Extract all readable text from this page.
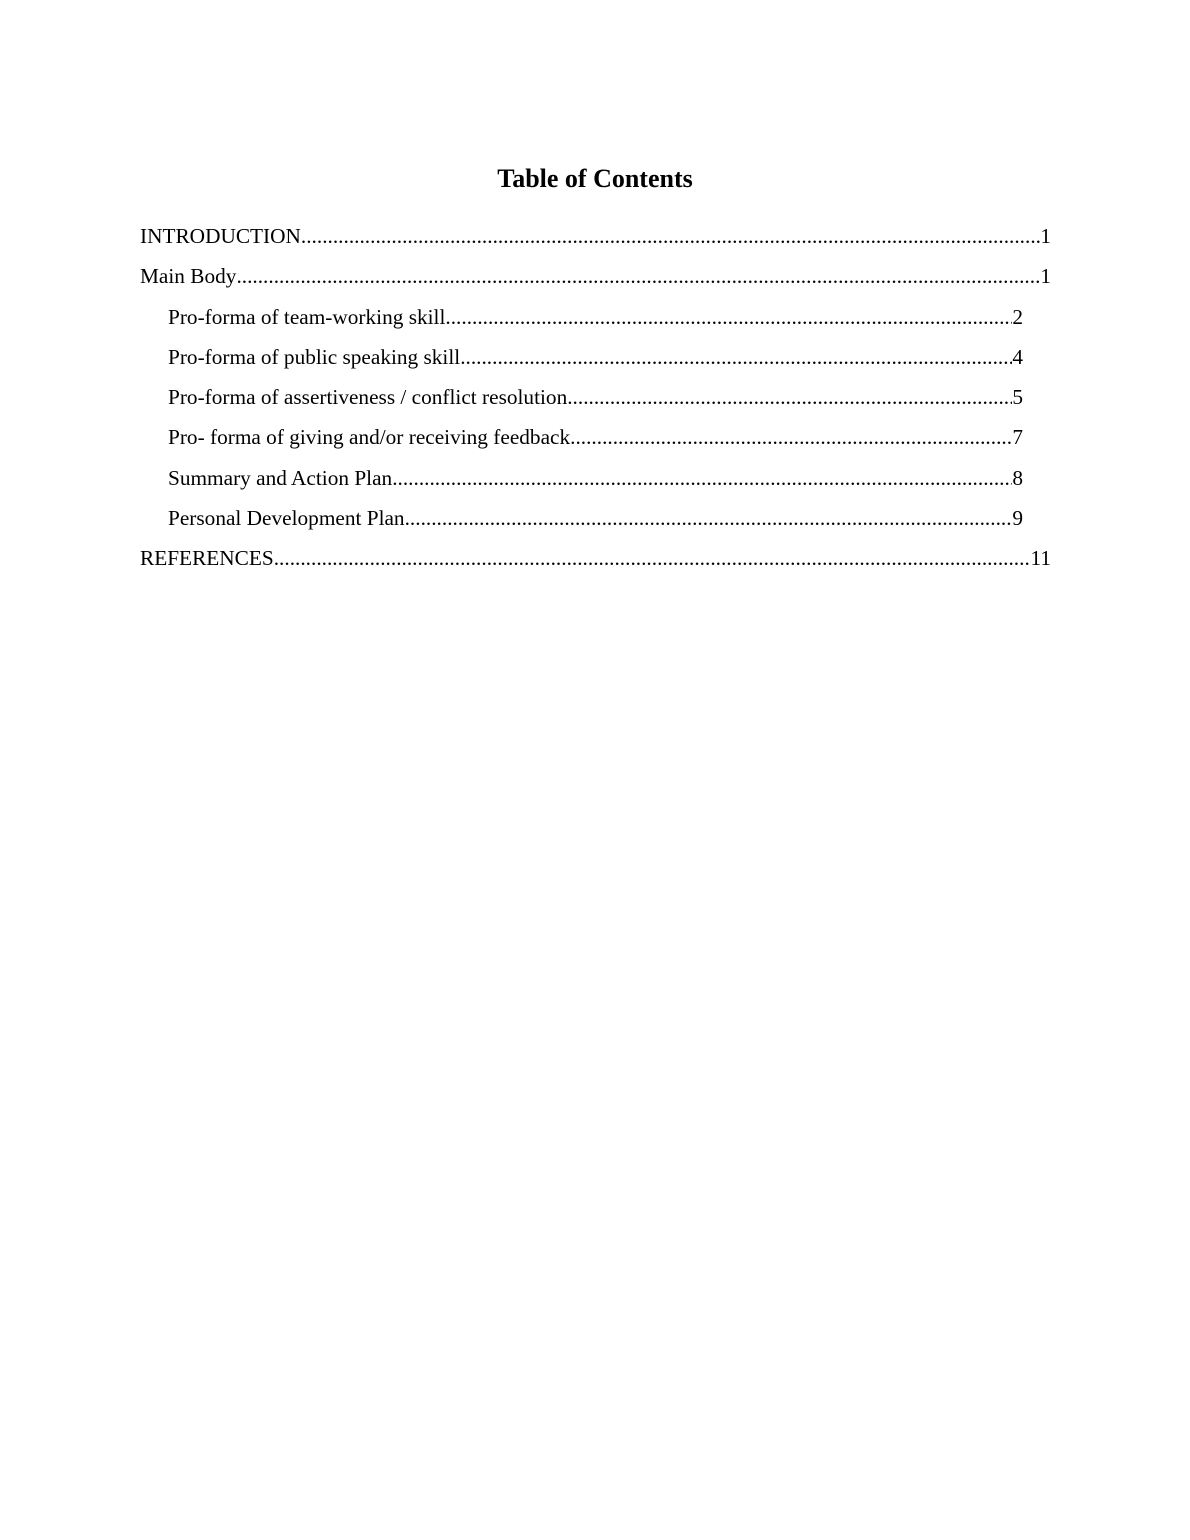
Table of Contents
INTRODUCTION .....	1
Main Body .....	1
Pro-forma of team-working skill .....	2
Pro-forma of public speaking skill .....	4
Pro-forma of assertiveness / conflict resolution .....	5
Pro- forma of giving and/or receiving feedback .....	7
Summary and Action Plan .....	8
Personal Development Plan .....	9
REFERENCES .....	11
